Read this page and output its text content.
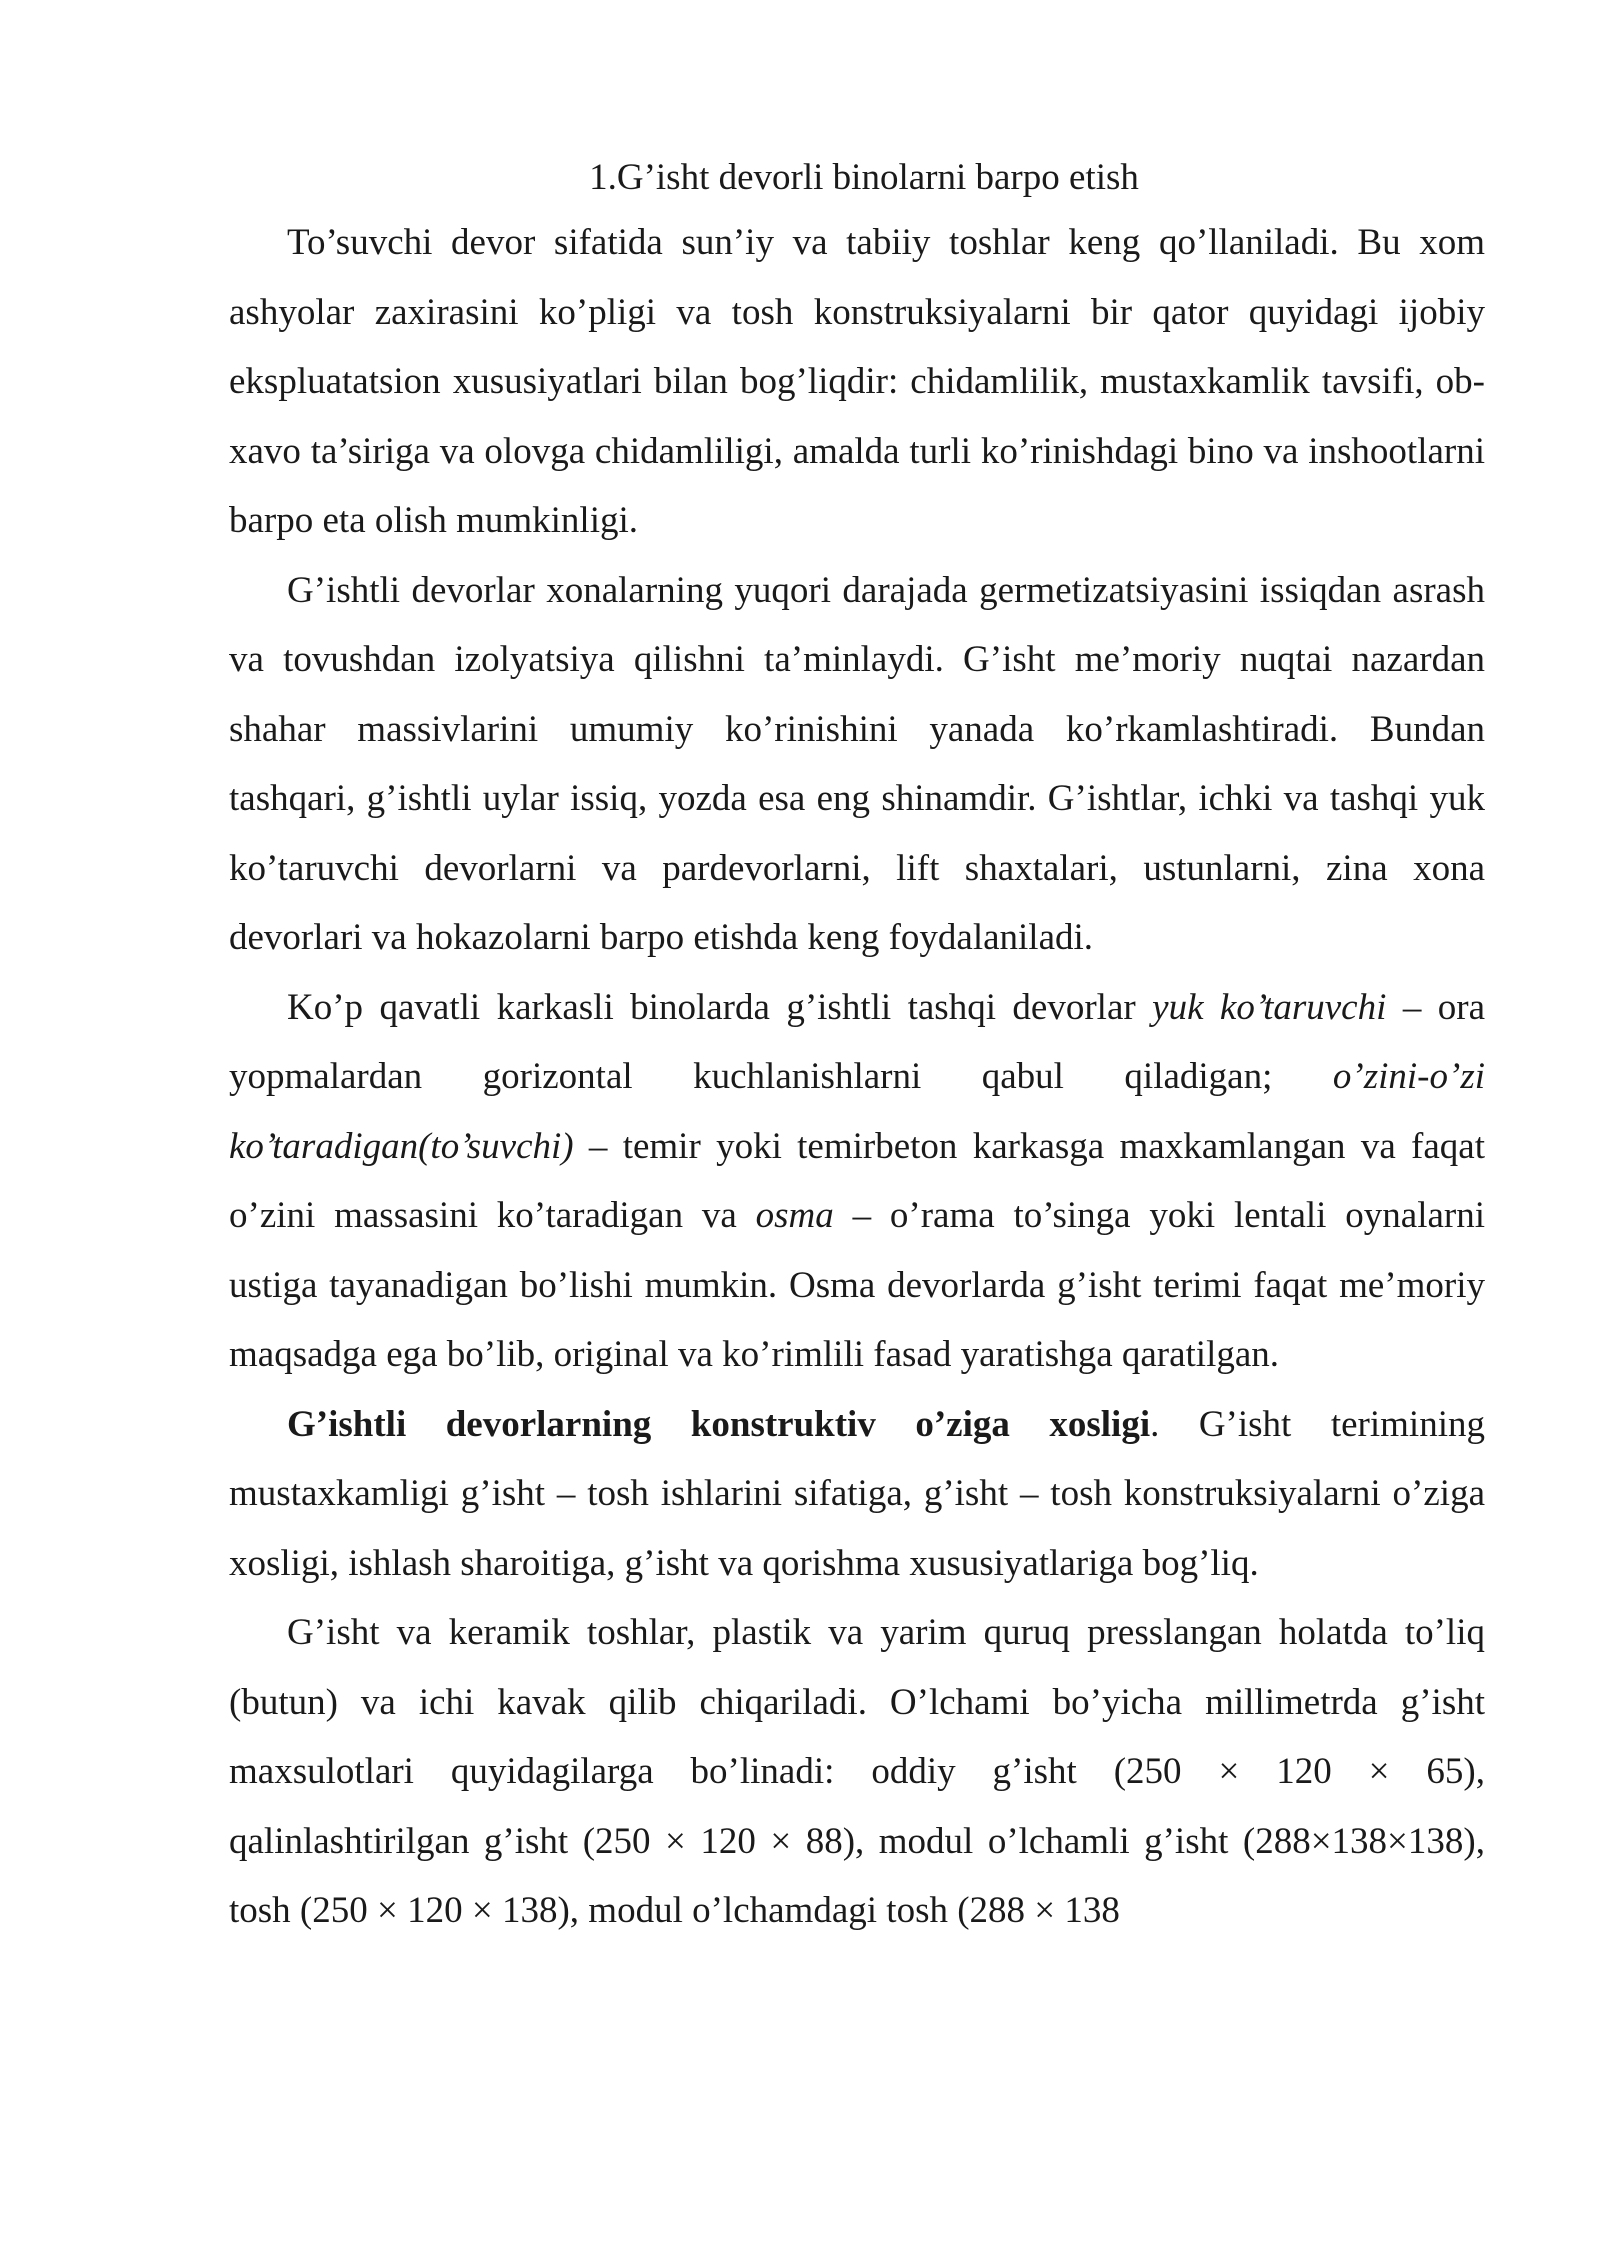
1.G’isht devorli binolarni barpo etish

To’suvchi devor sifatida sun’iy va tabiiy toshlar keng qo’llaniladi. Bu xom ashyolar zaxirasini ko’pligi va tosh konstruksiyalarni bir qator quyidagi ijobiy ekspluatatsion xususiyatlari bilan bog’liqdir: chidamlilik, mustaxkamlik tavsifi, ob-xavo ta’siriga va olovga chidamliligi, amalda turli ko’rinishdagi bino va inshootlarni barpo eta olish mumkinligi.

G’ishtli devorlar xonalarning yuqori darajada germetizatsiyasini issiqdan asrash va tovushdan izolyatsiya qilishni ta’minlaydi. G’isht me’moriy nuqtai nazardan shahar massivlarini umumiy ko’rinishini yanada ko’rkamlashtiradi. Bundan tashqari, g’ishtli uylar issiq, yozda esa eng shinamdir. G’ishtlar, ichki va tashqi yuk ko’taruvchi devorlarni va pardevorlarni, lift shaxtalari, ustunlarni, zina xona devorlari va hokazolarni barpo etishda keng foydalaniladi.

Ko’p qavatli karkasli binolarda g’ishtli tashqi devorlar yuk ko’taruvchi – ora yopmalardan gorizontal kuchlanishlarni qabul qiladigan; o’zini-o’zi ko’taradigan(to’suvchi) – temir yoki temirbeton karkasga maxkamlangan va faqat o’zini massasini ko’taradigan va osma – o’rama to’singa yoki lentali oynalarni ustiga tayanadigan bo’lishi mumkin. Osma devorlarda g’isht terimi faqat me’moriy maqsadga ega bo’lib, original va ko’rimlili fasad yaratishga qaratilgan.

G’ishtli devorlarning konstruktiv o’ziga xosligi. G’isht terimining mustaxkamligi g’isht – tosh ishlarini sifatiga, g’isht – tosh konstruksiyalarni o’ziga xosligi, ishlash sharoitiga, g’isht va qorishma xususiyatlariga bog’liq.

G’isht va keramik toshlar, plastik va yarim quruq presslangan holatda to’liq (butun) va ichi kavak qilib chiqariladi. O’lchami bo’yicha millimetrda g’isht maxsulotlari quyidagilarga bo’linadi: oddiy g’isht (250 × 120 × 65), qalinlashtirilgan g’isht (250 × 120 × 88), modul o’lchamli g’isht (288×138×138), tosh (250 × 120 × 138), modul o’lchamdagi tosh (288 × 138
